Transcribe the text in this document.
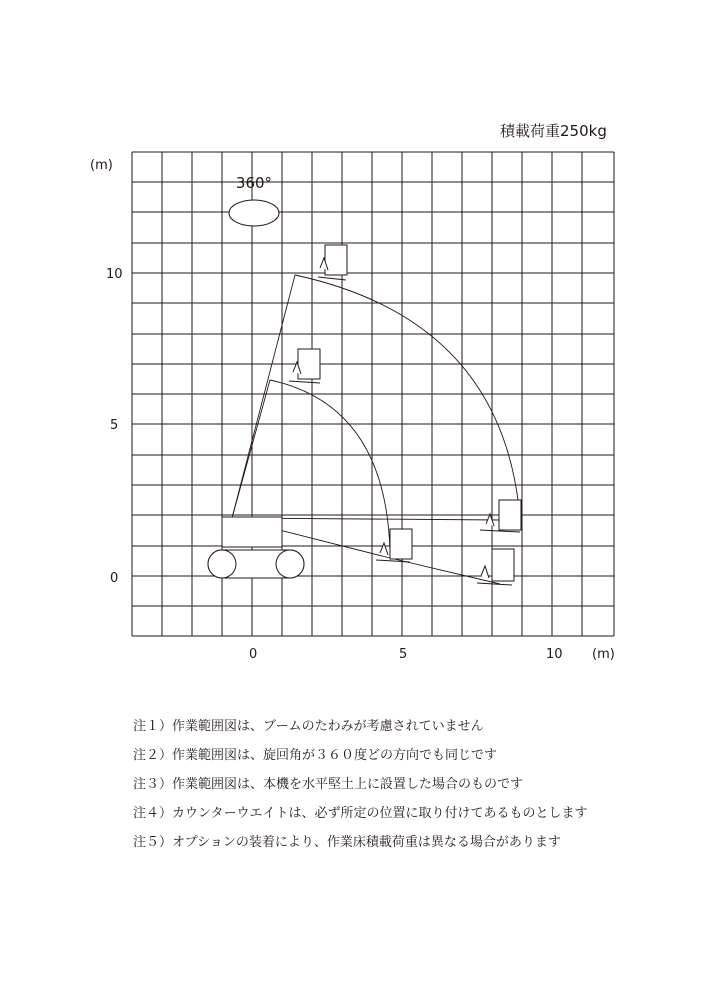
積載荷重250kg
360°
(m)
10
5
0
0	5	10 (m)
注１）作業範囲図は、ブームのたわみが考慮されていません
注２）作業範囲図は、旋回角が３６０度どの方向でも同じです
注３）作業範囲図は、本機を水平堅土上に設置した場合のものです
注４）カウンターウエイトは、必ず所定の位置に取り付けてあるものとします
注５）オプションの装着により、作業床積載荷重は異なる場合があります
